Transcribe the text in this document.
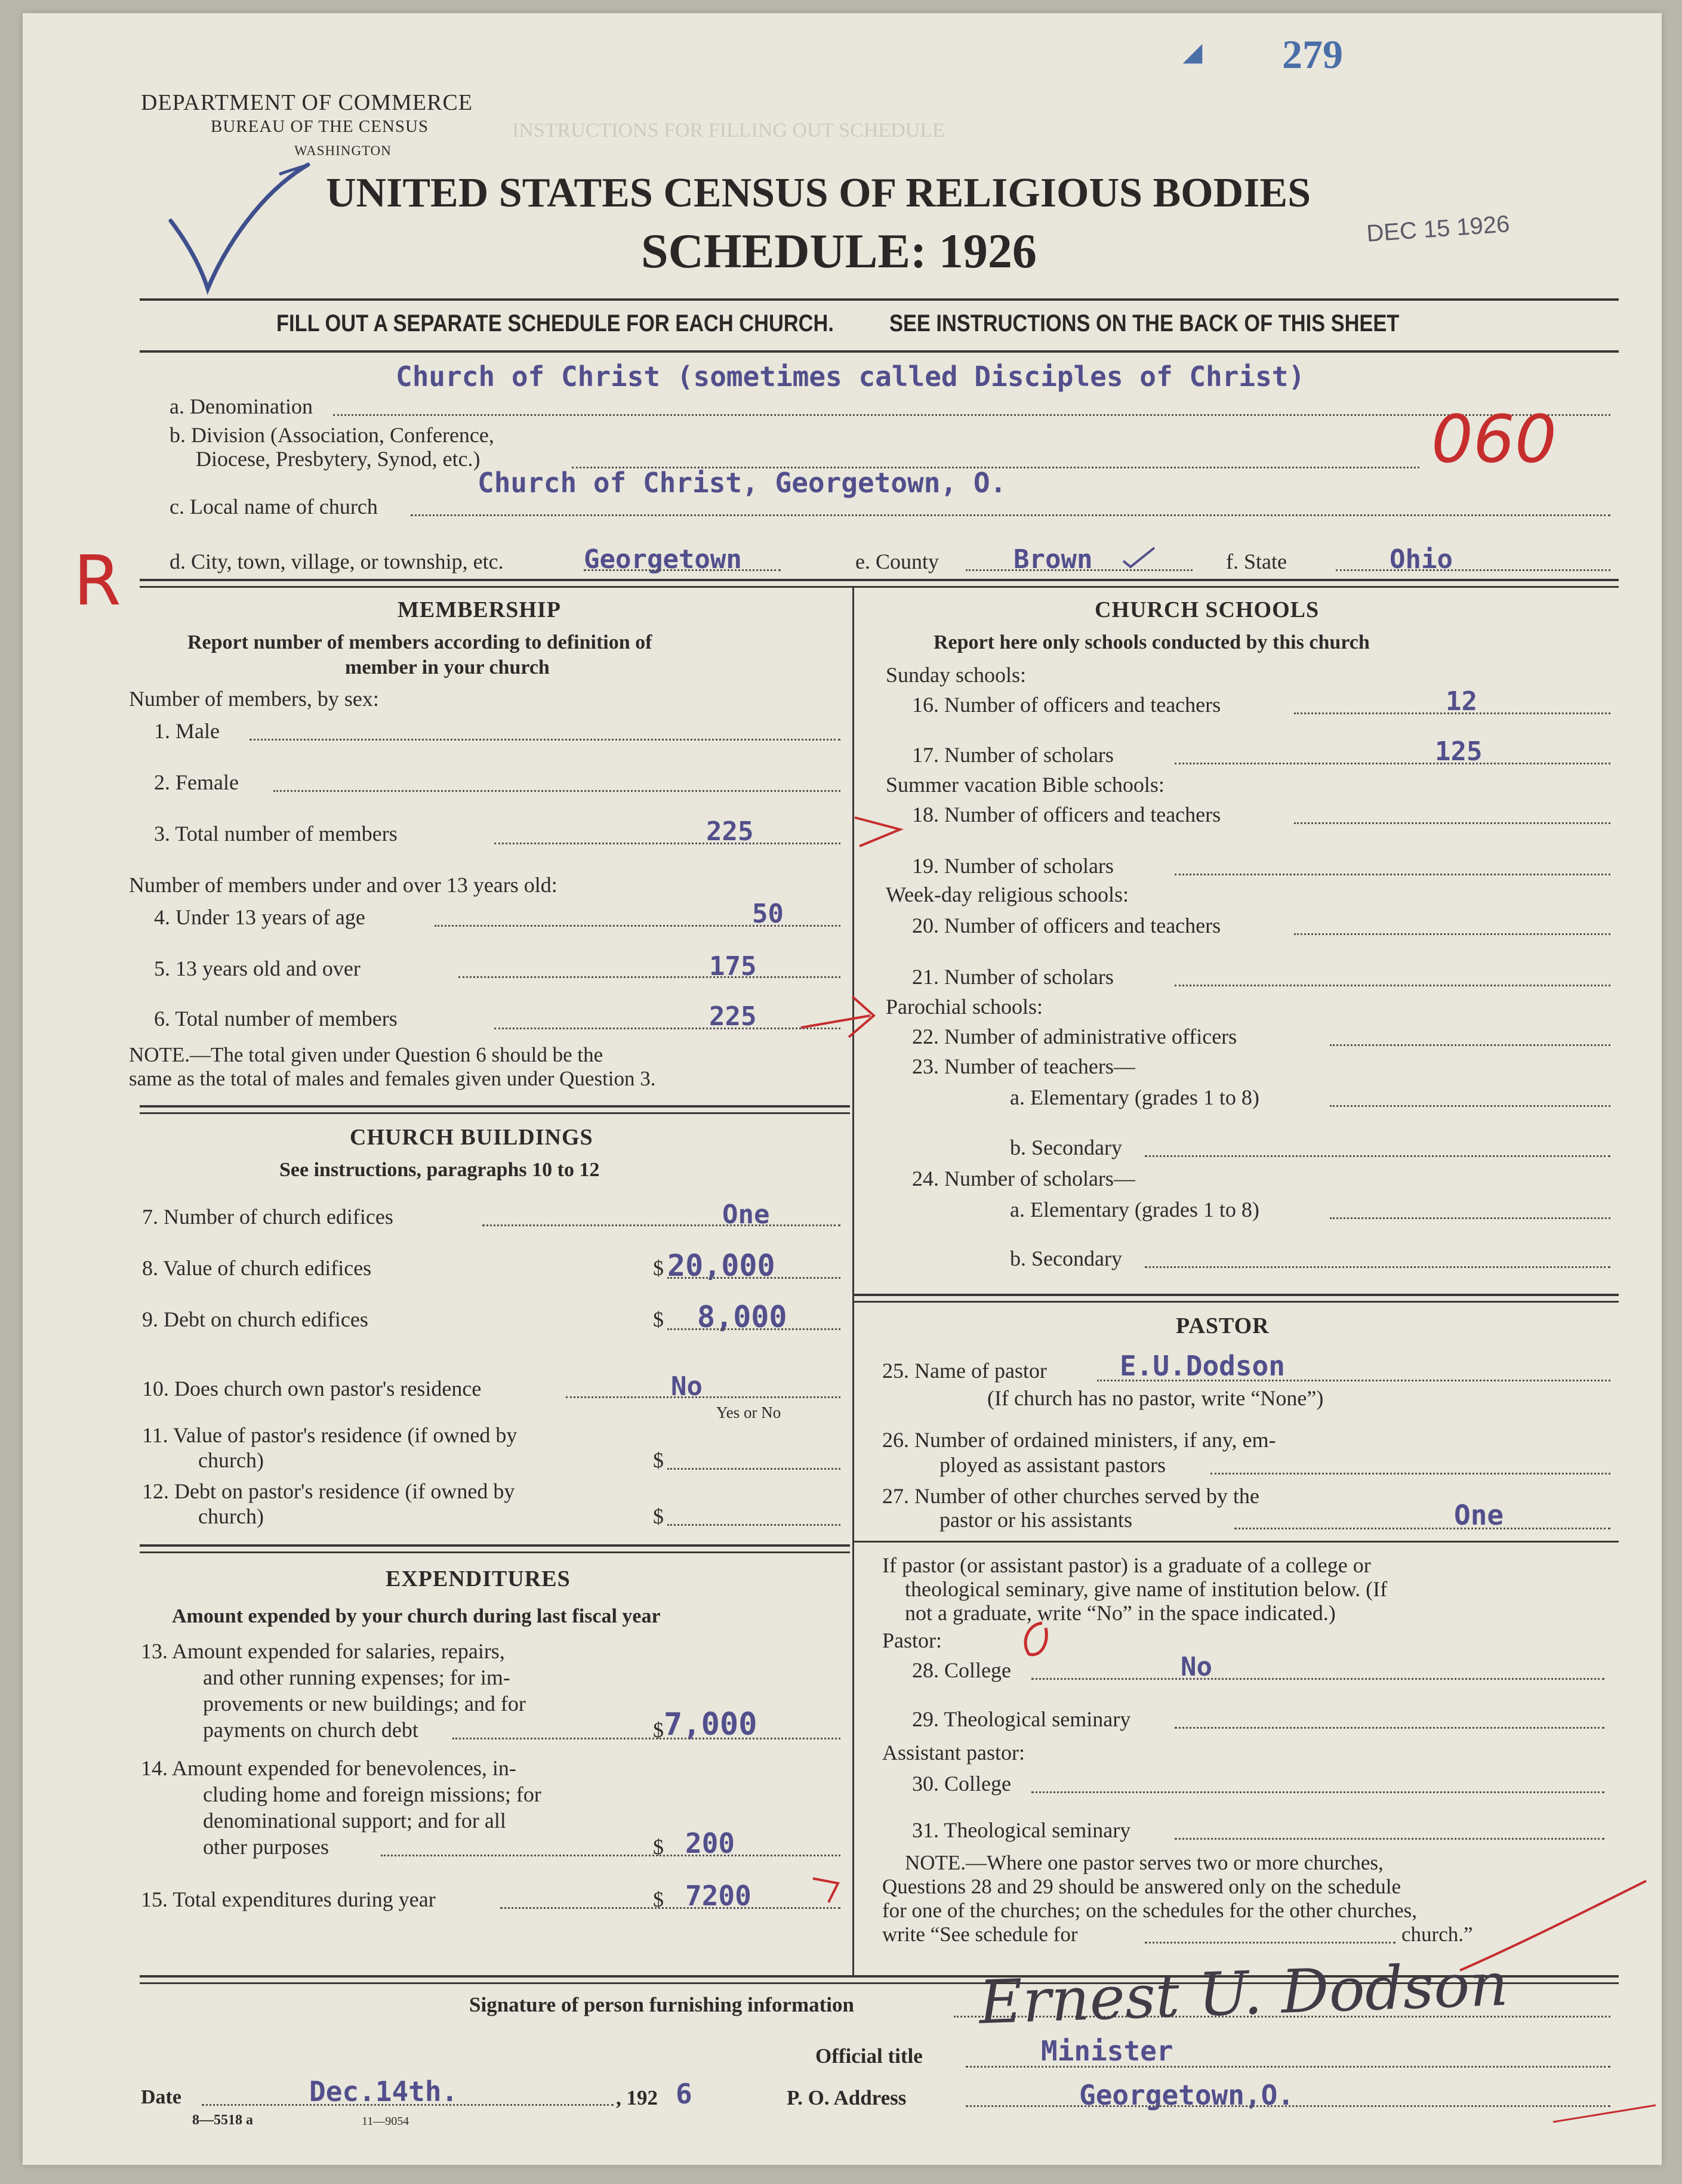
INSTRUCTIONS FOR FILLING OUT SCHEDULE
◢ 279
DEC 15 1926
DEPARTMENT OF COMMERCE
BUREAU OF THE CENSUS
WASHINGTON
UNITED STATES CENSUS OF RELIGIOUS BODIES
SCHEDULE: 1926
FILL OUT A SEPARATE SCHEDULE FOR EACH CHURCH. SEE INSTRUCTIONS ON THE BACK OF THIS SHEET
Church of Christ (sometimes called Disciples of Christ)
a. Denomination
b. Division (Association, Conference,
Diocese, Presbytery, Synod, etc.)	060
Church of Christ, Georgetown, O.
c. Local name of church
R d. City, town, village, or township, etc.	Georgetown	e. County	Brown	f. State	Ohio
MEMBERSHIP
Report number of members according to definition of
member in your church
Number of members, by sex:
1. Male
2. Female
3. Total number of members	225
Number of members under and over 13 years old:
4. Under 13 years of age	50
5. 13 years old and over	175
6. Total number of members	225
NOTE.—The total given under Question 6 should be the
same as the total of males and females given under Question 3.
CHURCH BUILDINGS
See instructions, paragraphs 10 to 12
7. Number of church edifices	One
8. Value of church edifices	$ 20,000
9. Debt on church edifices	$ 8,000
10. Does church own pastor's residence	No
Yes or No
11. Value of pastor's residence (if owned by
church)	$
12. Debt on pastor's residence (if owned by
church)	$
EXPENDITURES
Amount expended by your church during last fiscal year
13. Amount expended for salaries, repairs,
and other running expenses; for im-
provements or new buildings; and for
payments on church debt	$ 7,000
14. Amount expended for benevolences, in-
cluding home and foreign missions; for
denominational support; and for all
other purposes	$ 200
15. Total expenditures during year	$ 7200
CHURCH SCHOOLS
Report here only schools conducted by this church
Sunday schools:
16. Number of officers and teachers	12
17. Number of scholars	125
Summer vacation Bible schools:
18. Number of officers and teachers
19. Number of scholars
Week-day religious schools:
20. Number of officers and teachers
21. Number of scholars
Parochial schools:
22. Number of administrative officers
23. Number of teachers—
a. Elementary (grades 1 to 8)
b. Secondary
24. Number of scholars—
a. Elementary (grades 1 to 8)
b. Secondary
PASTOR
25. Name of pastor	E.U.Dodson
(If church has no pastor, write “None”)
26. Number of ordained ministers, if any, em-
ployed as assistant pastors
27. Number of other churches served by the
pastor or his assistants	One
If pastor (or assistant pastor) is a graduate of a college or
theological seminary, give name of institution below. (If
not a graduate, write “No” in the space indicated.)
Pastor:
28. College	No
29. Theological seminary
Assistant pastor:
30. College
31. Theological seminary
NOTE.—Where one pastor serves two or more churches,
Questions 28 and 29 should be answered only on the schedule
for one of the churches; on the schedules for the other churches,
write “See schedule for	church.”
Signature of person furnishing information Ernest U. Dodson
Official title	Minister
Date	Dec.14th.	, 192 6	P. O. Address	Georgetown,O.
8—5518 a	11—9054
